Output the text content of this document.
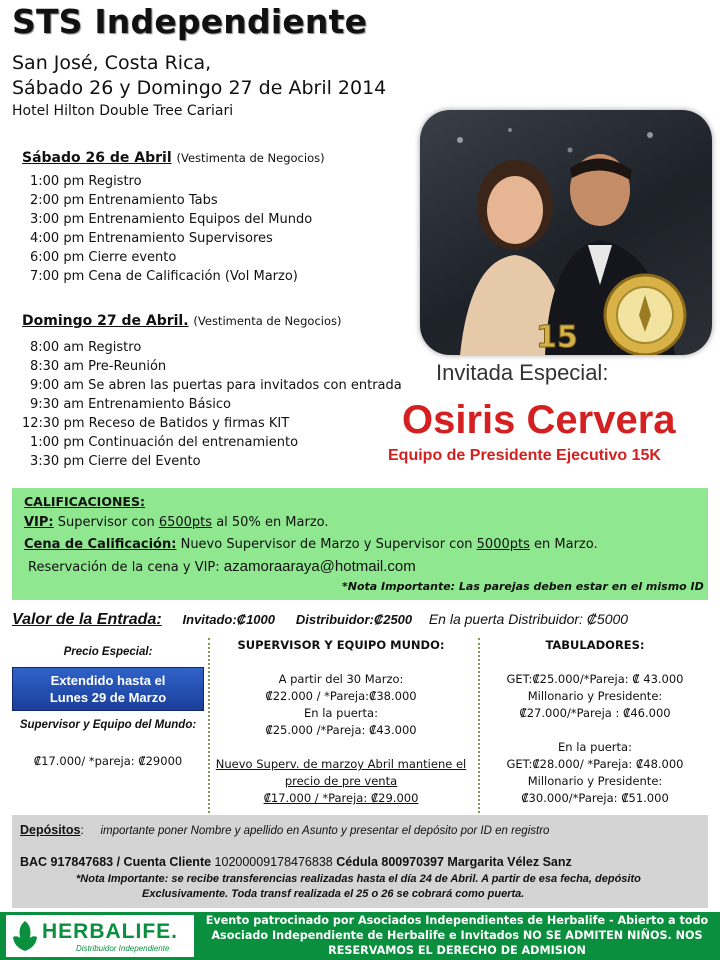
STS Independiente
San José, Costa Rica,
Sábado 26 y Domingo 27 de Abril 2014
Hotel Hilton Double Tree Cariari
Sábado 26 de Abril (Vestimenta de Negocios)
1:00 pm Registro
2:00 pm Entrenamiento Tabs
3:00 pm Entrenamiento Equipos del Mundo
4:00 pm Entrenamiento Supervisores
6:00 pm Cierre evento
7:00 pm Cena de Calificación (Vol Marzo)
Domingo 27 de Abril. (Vestimenta de Negocios)
8:00 am Registro
8:30 am Pre-Reunión
9:00 am Se abren las puertas para invitados con entrada
9:30 am Entrenamiento Básico
12:30 pm Receso de Batidos y firmas KIT
1:00 pm Continuación del entrenamiento
3:30 pm Cierre del Evento
15
Invitada Especial:
Osiris Cervera
Equipo de Presidente Ejecutivo 15K
CALIFICACIONES:
VIP: Supervisor con 6500pts al 50% en Marzo.
Cena de Calificación: Nuevo Supervisor de Marzo y Supervisor con 5000pts en Marzo.
Reservación de la cena y VIP: azamoraaraya@hotmail.com
*Nota Importante: Las parejas deben estar en el mismo ID
Valor de la Entrada: Invitado:₡1000 Distribuidor:₡2500 En la puerta Distribuidor: ₡5000
Precio Especial:
Extendido hasta el
Lunes 29 de Marzo
Supervisor y Equipo del Mundo:
₡17.000/ *pareja: ₡29000
SUPERVISOR Y EQUIPO MUNDO:
A partir del 30 Marzo:
₡22.000 / *Pareja:₡38.000
En la puerta:
₡25.000 /*Pareja: ₡43.000
Nuevo Superv. de marzoy Abril mantiene el
precio de pre venta
₡17.000 / *Pareja: ₡29.000
TABULADORES:
GET:₡25.000/*Pareja: ₡ 43.000
Millonario y Presidente:
₡27.000/*Pareja : ₡46.000
En la puerta:
GET:₡28.000/ *Pareja: ₡48.000
Millonario y Presidente:
₡30.000/*Pareja: ₡51.000
Depósitos: importante poner Nombre y apellido en Asunto y presentar el depósito por ID en registro
BAC 917847683 / Cuenta Cliente 10200009178476838 Cédula 800970397 Margarita Vélez Sanz
*Nota Importante: se recibe transferencias realizadas hasta el día 24 de Abril. A partir de esa fecha, depósito
Exclusivamente. Toda transf realizada el 25 o 26 se cobrará como puerta.
HERBALIFE.
Distribuidor Independiente
Evento patrocinado por Asociados Independientes de Herbalife - Abierto a todo Asociado Independiente de Herbalife e Invitados NO SE ADMITEN NIÑOS. NOS RESERVAMOS EL DERECHO DE ADMISION
